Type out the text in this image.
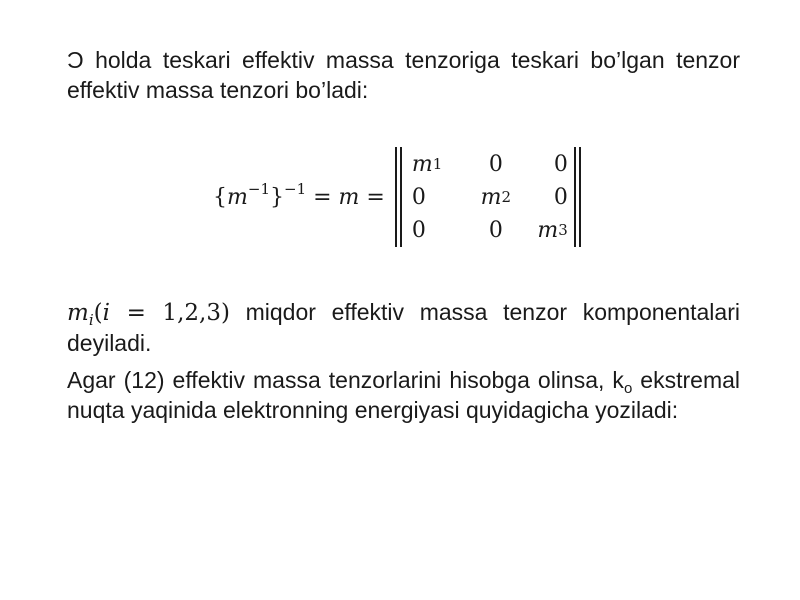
Ɔ holda teskari effektiv massa tenzoriga teskari bo’lgan tenzor effektiv massa tenzori bo’ladi:
$\{m^{-1}\}^{-1} = m$ =
m 1	0	0
0	m 2	0
0	0	m 3
$m_i(i = 1,2,3)$ miqdor effektiv massa tenzor komponentalari deyiladi.
Agar (12) effektiv massa tenzorlarini hisobga olinsa, $k_o$ ekstremal nuqta yaqinida elektronning energiyasi quyidagicha yoziladi:
